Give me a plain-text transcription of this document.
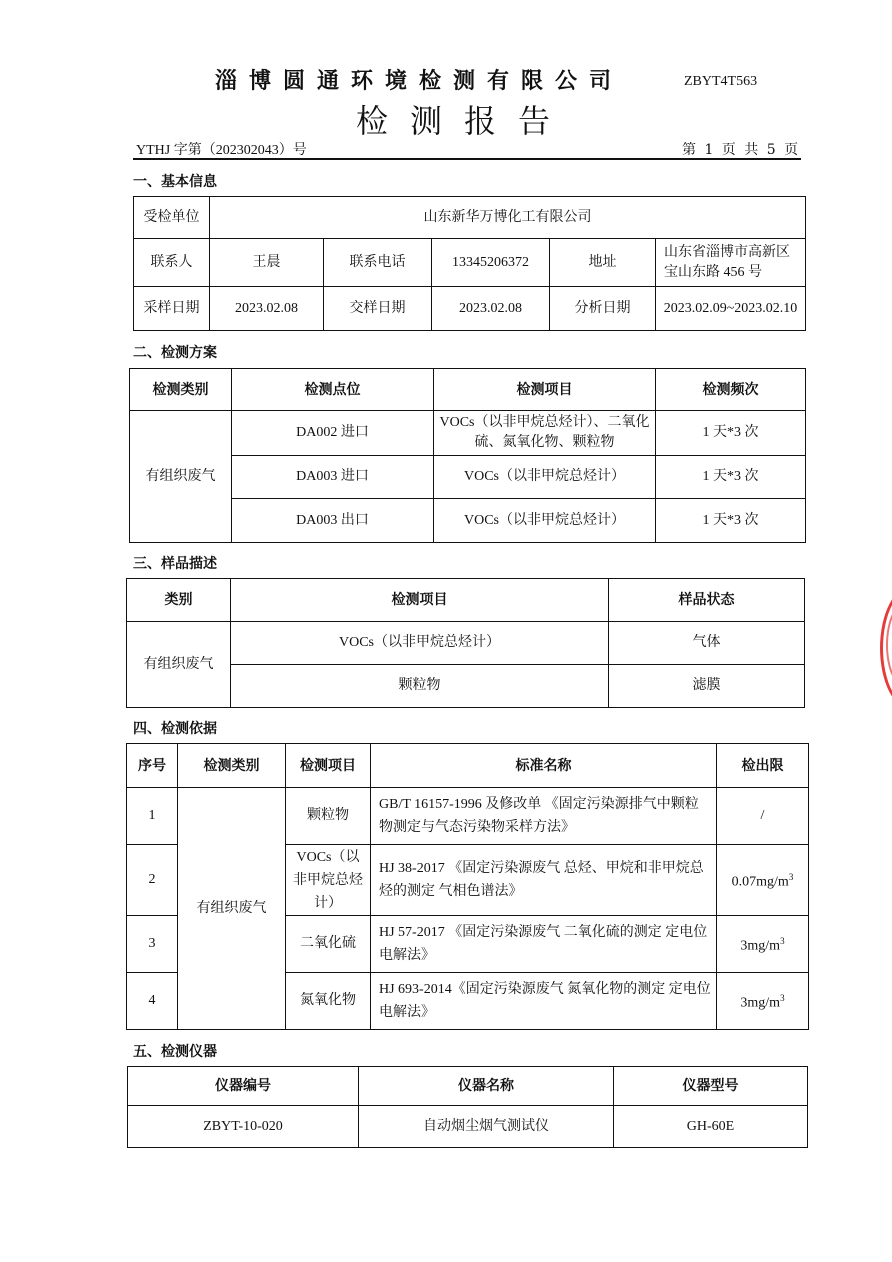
淄博圆通环境检测有限公司	ZBYT4T563
检测报告
YTHJ 字第（202302043）号	第 1 页 共 5 页
一、基本信息
受检单位	山东新华万博化工有限公司				
联系人	王晨	联系电话	13345206372	地址	山东省淄博市高新区宝山东路 456 号
采样日期	2023.02.08	交样日期	2023.02.08	分析日期	2023.02.09~2023.02.10
二、检测方案
检测类别	检测点位	检测项目	检测频次
有组织废气	DA002 进口	VOCs（以非甲烷总烃计）、二氧化硫、氮氧化物、颗粒物	1 天*3 次
	DA003 进口	VOCs（以非甲烷总烃计）	1 天*3 次
	DA003 出口	VOCs（以非甲烷总烃计）	1 天*3 次
三、样品描述
类别	检测项目	样品状态
有组织废气	VOCs（以非甲烷总烃计）	气体
	颗粒物	滤膜
四、检测依据
序号	检测类别	检测项目	标准名称	检出限
1	有组织废气	颗粒物	GB/T 16157-1996 及修改单 《固定污染源排气中颗粒物测定与气态污染物采样方法》	/
2		VOCs（以非甲烷总烃计）	HJ 38-2017 《固定污染源废气 总烃、甲烷和非甲烷总烃的测定 气相色谱法》	$0.07mg/m^3$
3		二氧化硫	HJ 57-2017 《固定污染源废气 二氧化硫的测定 定电位电解法》	$3mg/m^3$
4		氮氧化物	HJ 693-2014《固定污染源废气 氮氧化物的测定 定电位电解法》	$3mg/m^3$
五、检测仪器
仪器编号	仪器名称	仪器型号
ZBYT-10-020	自动烟尘烟气测试仪	GH-60E
